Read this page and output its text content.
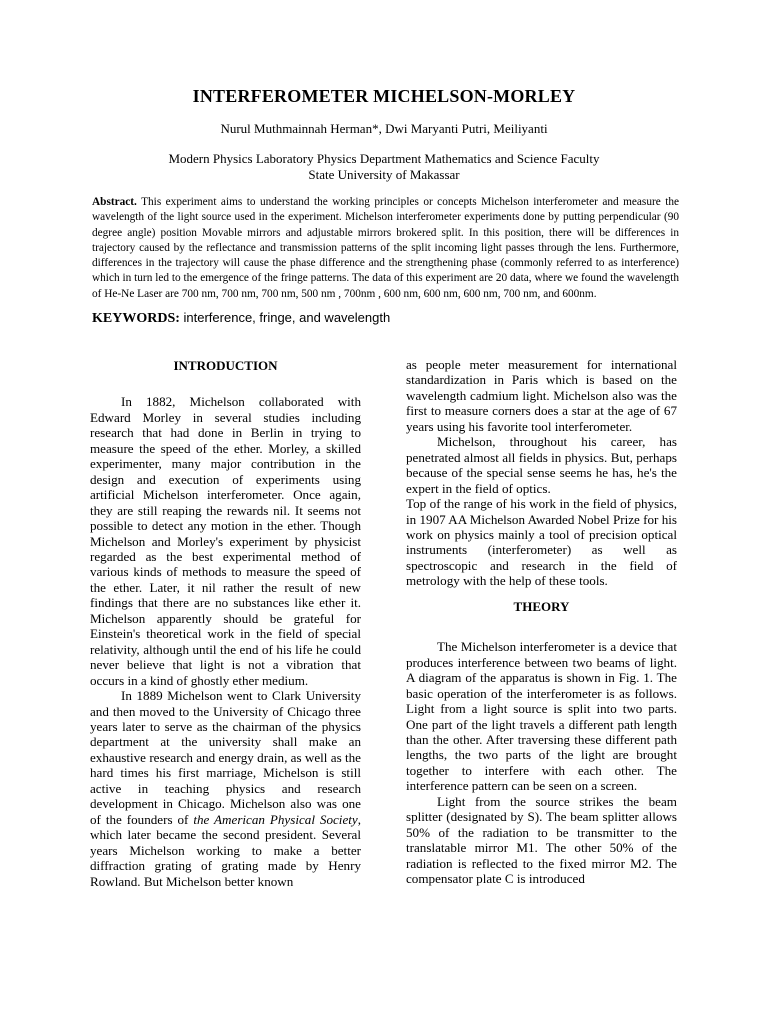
INTERFEROMETER MICHELSON-MORLEY
Nurul Muthmainnah Herman*, Dwi Maryanti Putri, Meiliyanti
Modern Physics Laboratory Physics Department Mathematics and Science Faculty
State University of Makassar
Abstract. This experiment aims to understand the working principles or concepts Michelson interferometer and measure the wavelength of the light source used in the experiment. Michelson interferometer experiments done by putting perpendicular (90 degree angle) position Movable mirrors and adjustable mirrors brokered split. In this position, there will be differences in trajectory caused by the reflectance and transmission patterns of the split incoming light passes through the lens. Furthermore, differences in the trajectory will cause the phase difference and the strengthening phase (commonly referred to as interference) which in turn led to the emergence of the fringe patterns. The data of this experiment are 20 data, where we found the wavelength of He-Ne Laser are 700 nm, 700 nm, 700 nm, 500 nm , 700nm , 600 nm, 600 nm, 600 nm, 700 nm, and 600nm.
KEYWORDS: interference, fringe, and wavelength
INTRODUCTION

In 1882, Michelson collaborated with Edward Morley in several studies including research that had done in Berlin in trying to measure the speed of the ether. Morley, a skilled experimenter, many major contribution in the design and execution of experiments using artificial Michelson interferometer. Once again, they are still reaping the rewards nil. It seems not possible to detect any motion in the ether. Though Michelson and Morley's experiment by physicist regarded as the best experimental method of various kinds of methods to measure the speed of the ether. Later, it nil rather the result of new findings that there are no substances like ether it. Michelson apparently should be grateful for Einstein's theoretical work in the field of special relativity, although until the end of his life he could never believe that light is not a vibration that occurs in a kind of ghostly ether medium.

In 1889 Michelson went to Clark University and then moved to the University of Chicago three years later to serve as the chairman of the physics department at the university shall make an exhaustive research and energy drain, as well as the hard times his first marriage, Michelson is still active in teaching physics and research development in Chicago. Michelson also was one of the founders of the American Physical Society, which later became the second president. Several years Michelson working to make a better diffraction grating of grating made by Henry Rowland. But Michelson better known

as people meter measurement for international standardization in Paris which is based on the wavelength cadmium light. Michelson also was the first to measure corners does a star at the age of 67 years using his favorite tool interferometer.

Michelson, throughout his career, has penetrated almost all fields in physics. But, perhaps because of the special sense seems he has, he's the expert in the field of optics.

Top of the range of his work in the field of physics, in 1907 AA Michelson Awarded Nobel Prize for his work on physics mainly a tool of precision optical instruments (interferometer) as well as spectroscopic and research in the field of metrology with the help of these tools.

THEORY

The Michelson interferometer is a device that produces interference between two beams of light. A diagram of the apparatus is shown in Fig. 1. The basic operation of the interferometer is as follows. Light from a light source is split into two parts. One part of the light travels a different path length than the other. After traversing these different path lengths, the two parts of the light are brought together to interfere with each other. The interference pattern can be seen on a screen.

Light from the source strikes the beam splitter (designated by S). The beam splitter allows 50% of the radiation to be transmitter to the translatable mirror M1. The other 50% of the radiation is reflected to the fixed mirror M2. The compensator plate C is introduced
